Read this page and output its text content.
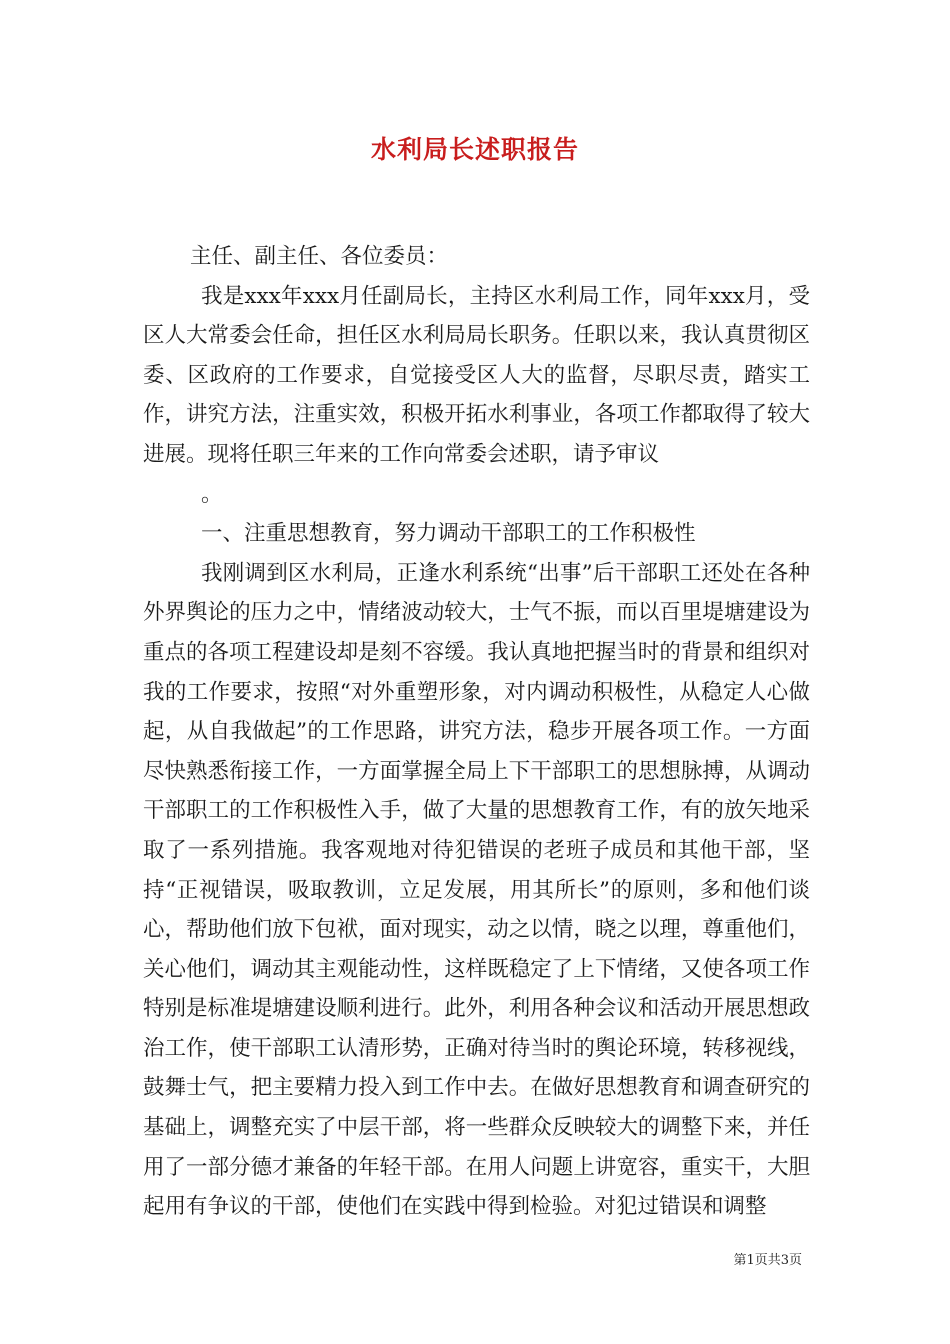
水利局长述职报告

主任、副主任、各位委员：

我是xxx年xxx月任副局长，主持区水利局工作，同年xxx月，受区人大常委会任命，担任区水利局局长职务。任职以来，我认真贯彻区委、区政府的工作要求，自觉接受区人大的监督，尽职尽责，踏实工作，讲究方法，注重实效，积极开拓水利事业，各项工作都取得了较大进展。现将任职三年来的工作向常委会述职，请予审议

。

一、注重思想教育，努力调动干部职工的工作积极性

我刚调到区水利局，正逢水利系统“出事”后干部职工还处在各种外界舆论的压力之中，情绪波动较大，士气不振，而以百里堤塘建设为重点的各项工程建设却是刻不容缓。我认真地把握当时的背景和组织对我的工作要求，按照“对外重塑形象，对内调动积极性，从稳定人心做起，从自我做起”的工作思路，讲究方法，稳步开展各项工作。一方面尽快熟悉衔接工作，一方面掌握全局上下干部职工的思想脉搏，从调动干部职工的工作积极性入手，做了大量的思想教育工作，有的放矢地采取了一系列措施。我客观地对待犯错误的老班子成员和其他干部，坚持“正视错误，吸取教训，立足发展，用其所长”的原则，多和他们谈心，帮助他们放下包袱，面对现实，动之以情，晓之以理，尊重他们，关心他们，调动其主观能动性，这样既稳定了上下情绪，又使各项工作特别是标准堤塘建设顺利进行。此外，利用各种会议和活动开展思想政治工作，使干部职工认清形势，正确对待当时的舆论环境，转移视线，鼓舞士气，把主要精力投入到工作中去。在做好思想教育和调查研究的基础上，调整充实了中层干部，将一些群众反映较大的调整下来，并任用了一部分德才兼备的年轻干部。在用人问题上讲宽容，重实干，大胆起用有争议的干部，使他们在实践中得到检验。对犯过错误和调整

第1页共3页
